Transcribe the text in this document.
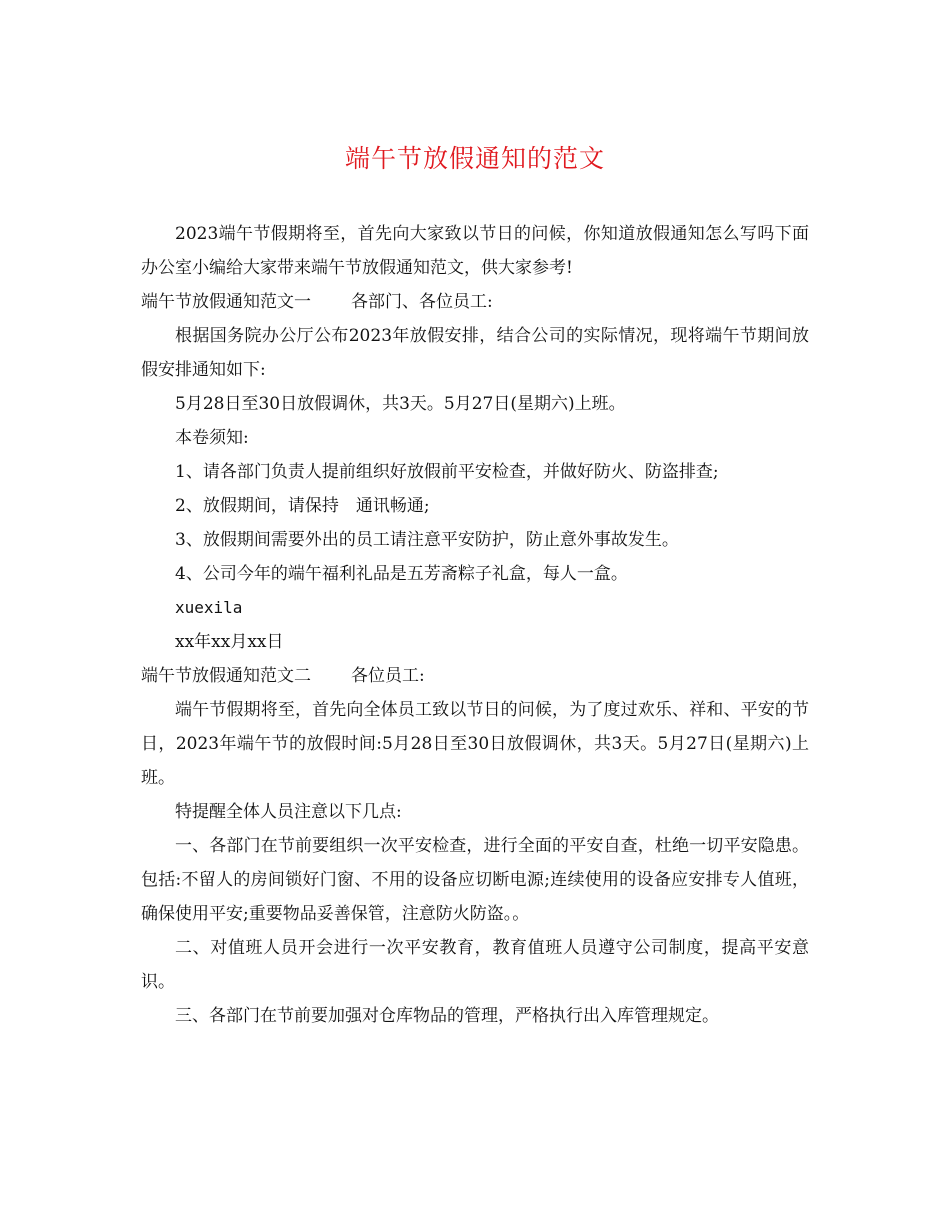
端午节放假通知的范文

2023端午节假期将至，首先向大家致以节日的问候，你知道放假通知怎么写吗下面办公室小编给大家带来端午节放假通知范文，供大家参考!

端午节放假通知范文一 各部门、各位员工:

根据国务院办公厅公布2023年放假安排，结合公司的实际情况，现将端午节期间放假安排通知如下:

5月28日至30日放假调休，共3天。5月27日(星期六)上班。

本卷须知:

1、请各部门负责人提前组织好放假前平安检查，并做好防火、防盗排查;

2、放假期间，请保持　通讯畅通;

3、放假期间需要外出的员工请注意平安防护，防止意外事故发生。

4、公司今年的端午福利礼品是五芳斋粽子礼盒，每人一盒。

xuexila

xx年xx月xx日

端午节放假通知范文二 各位员工:

端午节假期将至，首先向全体员工致以节日的问候，为了度过欢乐、祥和、平安的节日，2023年端午节的放假时间:5月28日至30日放假调休，共3天。5月27日(星期六)上班。

特提醒全体人员注意以下几点:

一、各部门在节前要组织一次平安检查，进行全面的平安自查，杜绝一切平安隐患。包括:不留人的房间锁好门窗、不用的设备应切断电源;连续使用的设备应安排专人值班，确保使用平安;重要物品妥善保管，注意防火防盗。。

二、对值班人员开会进行一次平安教育，教育值班人员遵守公司制度，提高平安意识。

三、各部门在节前要加强对仓库物品的管理，严格执行出入库管理规定。
